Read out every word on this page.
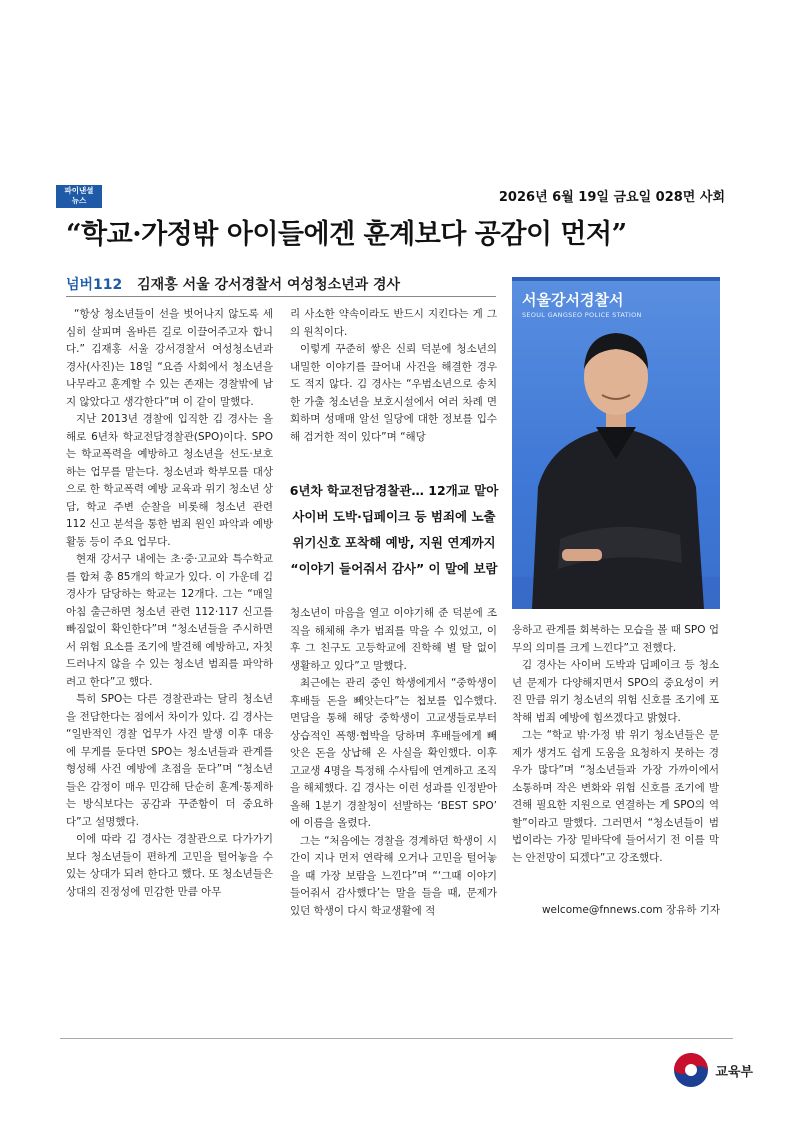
파이낸셜
뉴스	2026년 6월 19일 금요일 028면 사회
“학교·가정밖 아이들에겐 훈계보다 공감이 먼저”
넘버112 김재홍 서울 강서경찰서 여성청소년과 경사

“항상 청소년들이 선을 벗어나지 않도록 세심히 살피며 올바른 길로 이끌어주고자 합니다.” 김재홍 서울 강서경찰서 여성청소년과 경사(사진)는 18일 “요즘 사회에서 청소년을 나무라고 훈계할 수 있는 존재는 경찰밖에 남지 않았다고 생각한다”며 이 같이 말했다.

지난 2013년 경찰에 입직한 김 경사는 올해로 6년차 학교전담경찰관(SPO)이다. SPO는 학교폭력을 예방하고 청소년을 선도·보호하는 업무를 맡는다. 청소년과 학부모를 대상으로 한 학교폭력 예방 교육과 위기 청소년 상담, 학교 주변 순찰을 비롯해 청소년 관련 112 신고 분석을 통한 범죄 원인 파악과 예방 활동 등이 주요 업무다.

현재 강서구 내에는 초·중·고교와 특수학교를 합쳐 총 85개의 학교가 있다. 이 가운데 김 경사가 담당하는 학교는 12개다. 그는 “매일 아침 출근하면 청소년 관련 112·117 신고를 빠짐없이 확인한다”며 “청소년들을 주시하면서 위험 요소를 조기에 발견해 예방하고, 자칫 드러나지 않을 수 있는 청소년 범죄를 파악하려고 한다”고 했다.

특히 SPO는 다른 경찰관과는 달리 청소년을 전담한다는 점에서 차이가 있다. 김 경사는 “일반적인 경찰 업무가 사건 발생 이후 대응에 무게를 둔다면 SPO는 청소년들과 관계를 형성해 사건 예방에 초점을 둔다”며 “청소년들은 감정이 매우 민감해 단순히 훈계·통제하는 방식보다는 공감과 꾸준함이 더 중요하다”고 설명했다.

이에 따라 김 경사는 경찰관으로 다가가기보다 청소년들이 편하게 고민을 털어놓을 수 있는 상대가 되려 한다고 했다. 또 청소년들은 상대의 진정성에 민감한 만큼 아무

리 사소한 약속이라도 반드시 지킨다는 게 그의 원칙이다.

이렇게 꾸준히 쌓은 신뢰 덕분에 청소년의 내밀한 이야기를 끌어내 사건을 해결한 경우도 적지 않다. 김 경사는 “우범소년으로 송치한 가출 청소년을 보호시설에서 여러 차례 면회하며 성매매 알선 일당에 대한 정보를 입수해 검거한 적이 있다”며 “해당

6년차 학교전담경찰관… 12개교 맡아
사이버 도박·딥페이크 등 범죄에 노출
위기신호 포착해 예방, 지원 연계까지
“이야기 들어줘서 감사” 이 말에 보람

청소년이 마음을 열고 이야기해 준 덕분에 조직을 해체해 추가 범죄를 막을 수 있었고, 이후 그 친구도 고등학교에 진학해 별 탈 없이 생활하고 있다”고 말했다.

최근에는 관리 중인 학생에게서 “중학생이 후배들 돈을 빼앗는다”는 첩보를 입수했다. 면담을 통해 해당 중학생이 고교생들로부터 상습적인 폭행·협박을 당하며 후배들에게 빼앗은 돈을 상납해 온 사실을 확인했다. 이후 고교생 4명을 특정해 수사팀에 연계하고 조직을 해체했다. 김 경사는 이런 성과를 인정받아 올해 1분기 경찰청이 선발하는 ‘BEST SPO’ 에 이름을 올렸다.

그는 “처음에는 경찰을 경계하던 학생이 시간이 지나 먼저 연락해 오거나 고민을 털어놓을 때 가장 보람을 느낀다”며 “‘그때 이야기 들어줘서 감사했다’는 말을 들을 때, 문제가 있던 학생이 다시 학교생활에 적

서울강서경찰서
SEOUL GANGSEO POLICE STATION

응하고 관계를 회복하는 모습을 볼 때 SPO 업무의 의미를 크게 느낀다”고 전했다.

김 경사는 사이버 도박과 딥페이크 등 청소년 문제가 다양해지면서 SPO의 중요성이 커진 만큼 위기 청소년의 위험 신호를 조기에 포착해 범죄 예방에 힘쓰겠다고 밝혔다.

그는 “학교 밖·가정 밖 위기 청소년들은 문제가 생겨도 쉽게 도움을 요청하지 못하는 경우가 많다”며 “청소년들과 가장 가까이에서 소통하며 작은 변화와 위험 신호를 조기에 발견해 필요한 지원으로 연결하는 게 SPO의 역할”이라고 말했다. 그러면서 “청소년들이 범법이라는 가장 밑바닥에 들어서기 전 이를 막는 안전망이 되겠다”고 강조했다.

welcome@fnnews.com 장유하 기자
교육부
